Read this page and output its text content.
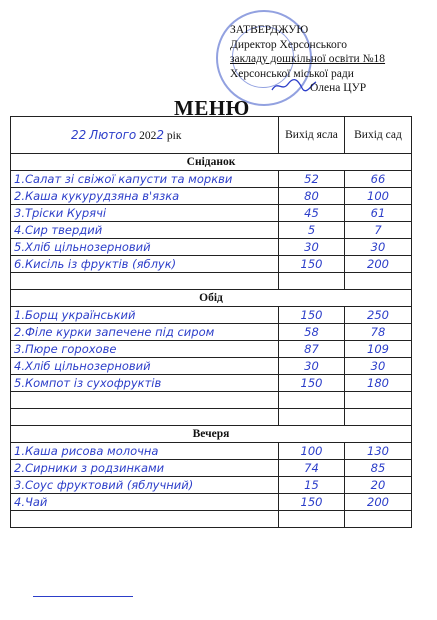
ЗАТВЕРДЖУЮ
Директор Херсонського
закладу дошкільної освіти №18
Херсонської міської ради
Олена ЦУР
МЕНЮ
22 Лютого 2022 рік	Вихід ясла	Вихід сад
Сніданок		
1.Салат зі свіжої капусти та моркви	52	66
2.Каша кукурудзяна в'язка	80	100
3.Тріски Курячі	45	61
4.Сир твердий	5	7
5.Хліб цільнозерновий	30	30
6.Кисіль із фруктів (яблук)	150	200

Обід		
1.Борщ український	150	250
2.Філе курки запечене під сиром	58	78
3.Пюре горохове	87	109
4.Хліб цільнозерновий	30	30
5.Компот із сухофруктів	150	180

Вечеря		
1.Каша рисова молочна	100	130
2.Сирники з родзинками	74	85
3.Соус фруктовий (яблучний)	15	20
4.Чай	150	200
